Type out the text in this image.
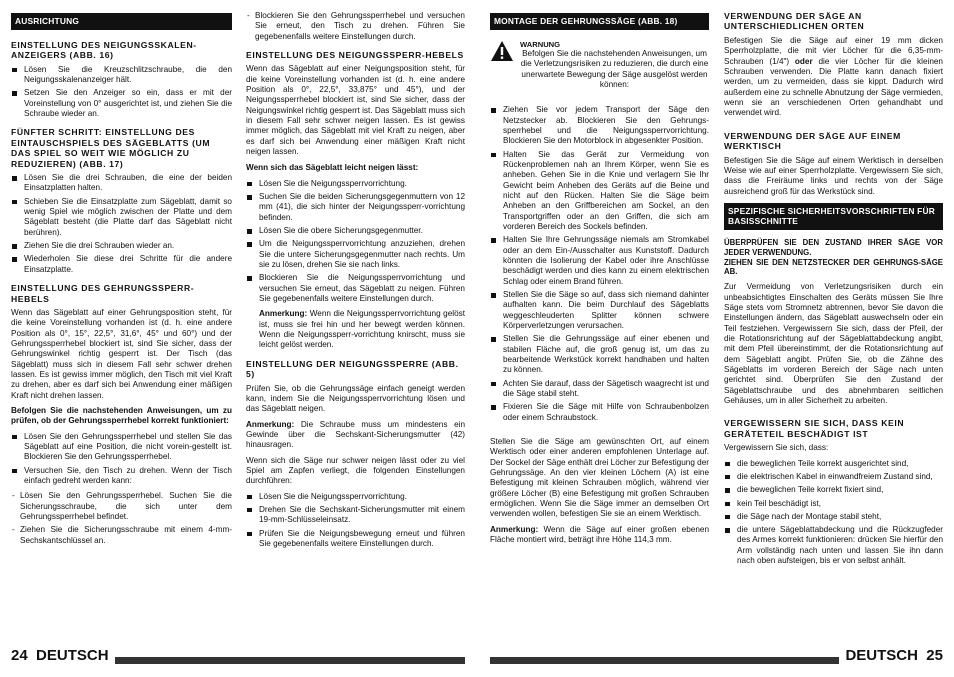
AUSRICHTUNG
EINSTELLUNG DES NEIGUNGSSKALEN-ANZEIGERS (ABB. 16)
Lösen Sie die Kreuzschlitzschraube, die den Neigungsskalenanzeiger hält.
Setzen Sie den Anzeiger so ein, dass er mit der Voreinstellung von 0° ausgerichtet ist, und ziehen Sie die Schraube wieder an.
FÜNFTER SCHRITT: EINSTELLUNG DES EINTAUSCHSPIELS DES SÄGEBLATTS (UM DAS SPIEL SO WEIT WIE MÖGLICH ZU REDUZIEREN) (ABB. 17)
Lösen Sie die drei Schrauben, die eine der beiden Einsatzplatten halten.
Schieben Sie die Einsatzplatte zum Sägeblatt, damit so wenig Spiel wie möglich zwischen der Platte und dem Sägeblatt besteht (die Platte darf das Sägeblatt nicht berühren).
Ziehen Sie die drei Schrauben wieder an.
Wiederholen Sie diese drei Schritte für die andere Einsatzplatte.
EINSTELLUNG DES GEHRUNGSSPERR-HEBELS

Wenn das Sägeblatt auf einer Gehrungsposition steht, für die keine Voreinstellung vorhanden ist (d. h. eine andere Position als 0°, 15°, 22,5°, 31,6°, 45° und 60°) und der Gehrungssperrhebel blockiert ist, sind Sie sicher, dass der Gehrungswinkel richtig gesperrt ist. Der Tisch (das Sägeblatt) muss sich in diesem Fall sehr schwer drehen lassen. Es ist gewiss immer möglich, den Tisch mit viel Kraft zu drehen, aber es darf sich bei Anwendung einer mäßigen Kraft nicht drehen lassen.

Befolgen Sie die nachstehenden Anweisungen, um zu prüfen, ob der Gehrungssperrhebel korrekt funktioniert:

Lösen Sie den Gehrungssperrhebel und stellen Sie das Sägeblatt auf eine Position, die nicht vorein-gestellt ist. Blockieren Sie den Gehrungssperrhebel.
Versuchen Sie, den Tisch zu drehen. Wenn der Tisch einfach gedreht werden kann:
- Lösen Sie den Gehrungssperrhebel. Suchen Sie die Sicherungsschraube, die sich unter dem Gehrungssperrhebel befindet.
- Ziehen Sie die Sicherungsschraube mit einem 4-mm-Sechskantschlüssel an.
- Blockieren Sie den Gehrungssperrhebel und versuchen Sie erneut, den Tisch zu drehen. Führen Sie gegebenenfalls weitere Einstellungen durch.
EINSTELLUNG DES NEIGUNGSSPERR-HEBELS

Wenn das Sägeblatt auf einer Neigungsposition steht, für die keine Voreinstellung vorhanden ist (d. h. eine andere Position als 0°, 22,5°, 33,875° und 45°), und der Neigungssperrhebel blockiert ist, sind Sie sicher, dass der Neigungswinkel richtig gesperrt ist. Das Sägeblatt muss sich in diesem Fall sehr schwer neigen lassen. Es ist gewiss immer möglich, das Sägeblatt mit viel Kraft zu neigen, aber es darf sich bei Anwendung einer mäßigen Kraft nicht neigen lassen.

Wenn sich das Sägeblatt leicht neigen lässt:

Lösen Sie die Neigungssperrvorrichtung.
Suchen Sie die beiden Sicherungsgegenmuttern von 12 mm (41), die sich hinter der Neigungssperr-vorrichtung befinden.
Lösen Sie die obere Sicherungsgegenmutter.
Um die Neigungssperrvorrichtung anzuziehen, drehen Sie die untere Sicherungsgegenmutter nach rechts. Um sie zu lösen, drehen Sie sie nach links.
Blockieren Sie die Neigungssperrvorrichtung und versuchen Sie erneut, das Sägeblatt zu neigen. Führen Sie gegebenenfalls weitere Einstellungen durch.

Anmerkung: Wenn die Neigungssperrvorrichtung gelöst ist, muss sie frei hin und her bewegt werden können. Wenn die Neigungssperr-vorrichtung knirscht, muss sie leicht gelöst werden.

EINSTELLUNG DER NEIGUNGSSPERRE (ABB. 5)

Prüfen Sie, ob die Gehrungssäge einfach geneigt werden kann, indem Sie die Neigungssperrvorrichtung lösen und das Sägeblatt neigen.

Anmerkung: Die Schraube muss um mindestens ein Gewinde über die Sechskant-Sicherungsmutter (42) hinausragen.

Wenn sich die Säge nur schwer neigen lässt oder zu viel Spiel am Zapfen verliegt, die folgenden Einstellungen durchführen:

Lösen Sie die Neigungssperrvorrichtung.
Drehen Sie die Sechskant-Sicherungsmutter mit einem 19-mm-Schlüsseleinsatz.
Prüfen Sie die Neigungsbewegung erneut und führen Sie gegebenenfalls weitere Einstellungen durch.
MONTAGE DER GEHRUNGSSÄGE (ABB. 18)
WARNUNG

Befolgen Sie die nachstehenden Anweisungen, um die Verletzungsrisiken zu reduzieren, die durch eine unerwartete Bewegung der Säge ausgelöst werden können:

Ziehen Sie vor jedem Transport der Säge den Netzstecker ab. Blockieren Sie den Gehrungs-sperrhebel und die Neigungssperrvorrichtung. Blockieren Sie den Motorblock in abgesenkter Position.
Halten Sie das Gerät zur Vermeidung von Rückenproblemen nah an Ihrem Körper, wenn Sie es anheben. Gehen Sie in die Knie und verlagern Sie Ihr Gewicht beim Anheben des Geräts auf die Beine und nicht auf den Rücken. Halten Sie die Säge beim Anheben an den Griffbereichen am Sockel, an den Transportgriffen oder an den Griffen, die sich am vorderen Bereich des Sockels befinden.
Halten Sie Ihre Gehrungssäge niemals am Stromkabel oder an dem Ein-/Ausschalter aus Kunststoff. Dadurch könnten die Isolierung der Kabel oder ihre Anschlüsse beschädigt werden und dies kann zu einem elektrischen Schlag oder einem Brand führen.
Stellen Sie die Säge so auf, dass sich niemand dahinter aufhalten kann. Die beim Durchlauf des Sägeblatts weggeschleuderten Splitter können schwere Körperverletzungen verursachen.
Stellen Sie die Gehrungssäge auf einer ebenen und stabilen Fläche auf, die groß genug ist, um das zu bearbeitende Werkstück korrekt handhaben und halten zu können.
Achten Sie darauf, dass der Sägetisch waagrecht ist und die Säge stabil steht.
Fixieren Sie die Säge mit Hilfe von Schraubenbolzen oder einem Schraubstock.

Stellen Sie die Säge am gewünschten Ort, auf einem Werktisch oder einer anderen empfohlenen Unterlage auf. Der Sockel der Säge enthält drei Löcher zur Befestigung der Gehrungssäge. An den vier kleinen Löchern (A) ist eine Befestigung mit kleinen Schrauben möglich, während vier größere Löcher (B) eine Befestigung mit großen Schrauben ermöglichen. Wenn Sie die Säge immer an demselben Ort verwenden wollen, befestigen Sie sie an einem Werktisch.

Anmerkung: Wenn die Säge auf einer großen ebenen Fläche montiert wird, beträgt ihre Höhe 114,3 mm.

VERWENDUNG DER SÄGE AN UNTERSCHIEDLICHEN ORTEN

Befestigen Sie die Säge auf einer 19 mm dicken Sperrholzplatte, die mit vier Löcher für die 6,35-mm-Schrauben (1/4") oder die vier Löcher für die kleinen Schrauben verwenden. Die Platte kann danach fixiert werden, um zu vermeiden, dass sie kippt. Dadurch wird außerdem eine zu schnelle Abnutzung der Säge vermieden, wenn sie an verschiedenen Orten gehandhabt und verwendet wird.

VERWENDUNG DER SÄGE AUF EINEM WERKTISCH

Befestigen Sie die Säge auf einem Werktisch in derselben Weise wie auf einer Sperrholzplatte. Vergewissern Sie sich, dass die Freiräume links und rechts von der Säge ausreichend groß für das Werkstück sind.

SPEZIFISCHE SICHERHEITSVORSCHRIFTEN FÜR BASISSCHNITTE

ÜBERPRÜFEN SIE DEN ZUSTAND IHRER SÄGE VOR JEDER VERWENDUNG.

ZIEHEN SIE DEN NETZSTECKER DER GEHRUNGS-SÄGE AB.

Zur Vermeidung von Verletzungsrisiken durch ein unbeabsichtigtes Einschalten des Geräts müssen Sie Ihre Säge stets vom Stromnetz abtrennen, bevor Sie davon die Einstellungen ändern, das Sägeblatt auswechseln oder ein Teil festziehen. Vergewissern Sie sich, dass der Pfeil, der die Rotationsrichtung auf der Sägeblattabdeckung angibt, mit dem Pfeil übereinstimmt, der die Rotationsrichtung auf dem Sägeblatt angibt. Prüfen Sie, ob die Zähne des Sägeblatts im vorderen Bereich der Säge nach unten gerichtet sind. Überprüfen Sie den Zustand der Sägeblattschraube und des abnehmbaren seitlichen Gehäuses, um in aller Sicherheit zu arbeiten.

VERGEWISSERN SIE SICH, DASS KEIN GERÄTETEIL BESCHÄDIGT IST

Vergewissern Sie sich, dass:

die beweglichen Teile korrekt ausgerichtet sind,
die elektrischen Kabel in einwandfreiem Zustand sind,
die beweglichen Teile korrekt fixiert sind,
kein Teil beschädigt ist,
die Säge nach der Montage stabil steht,
die untere Sägeblattabdeckung und die Rückzugfeder des Armes korrekt funktionieren: drücken Sie hierfür den Arm vollständig nach unten und lassen Sie ihn dann nach oben aufsteigen, bis er von selbst anhält.
24  DEUTSCH	DEUTSCH  25
